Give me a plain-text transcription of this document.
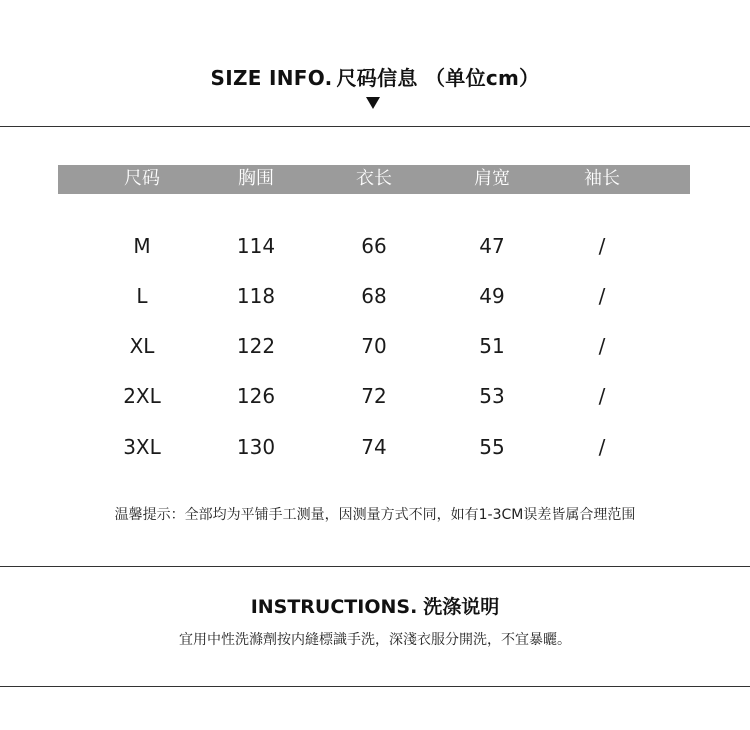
SIZE INFO. 尺码信息 （单位cm）
尺码	胸围	衣长	肩宽	袖长
M	114	66	47	/
L	118	68	49	/
XL	122	70	51	/
2XL	126	72	53	/
3XL	130	74	55	/
温馨提示：全部均为平铺手工测量，因测量方式不同，如有1-3CM误差皆属合理范围
INSTRUCTIONS. 洗涤说明
宜用中性洗滌劑按内縫標識手洗，深淺衣服分開洗，不宜暴曬。
